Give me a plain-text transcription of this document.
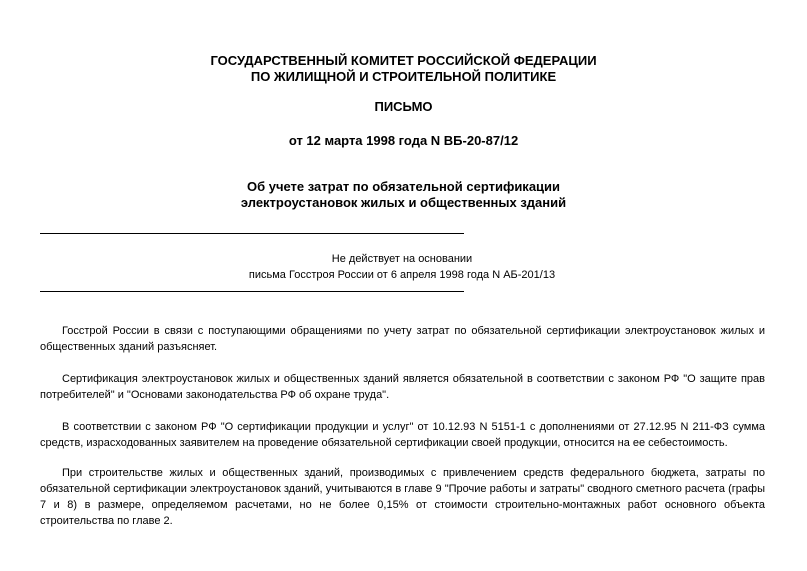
ГОСУДАРСТВЕННЫЙ КОМИТЕТ РОССИЙСКОЙ ФЕДЕРАЦИИ
ПО ЖИЛИЩНОЙ И СТРОИТЕЛЬНОЙ ПОЛИТИКЕ
ПИСЬМО
от 12 марта 1998 года N ВБ-20-87/12
Об учете затрат по обязательной сертификации
электроустановок жилых и общественных зданий
Не действует на основании
письма Госстроя России от 6 апреля 1998 года N АБ-201/13

Госстрой России в связи с поступающими обращениями по учету затрат по обязательной сертификации электроустановок жилых и общественных зданий разъясняет.

Сертификация электроустановок жилых и общественных зданий является обязательной в соответствии с законом РФ "О защите прав потребителей" и "Основами законодательства РФ об охране труда".

В соответствии с законом РФ "О сертификации продукции и услуг" от 10.12.93 N 5151-1 с дополнениями от 27.12.95 N 211-ФЗ сумма средств, израсходованных заявителем на проведение обязательной сертификации своей продукции, относится на ее себестоимость.

При строительстве жилых и общественных зданий, производимых с привлечением средств федерального бюджета, затраты по обязательной сертификации электроустановок зданий, учитываются в главе 9 "Прочие работы и затраты" сводного сметного расчета (графы 7 и 8) в размере, определяемом расчетами, но не более 0,15% от стоимости строительно-монтажных работ основного объекта строительства по главе 2.
